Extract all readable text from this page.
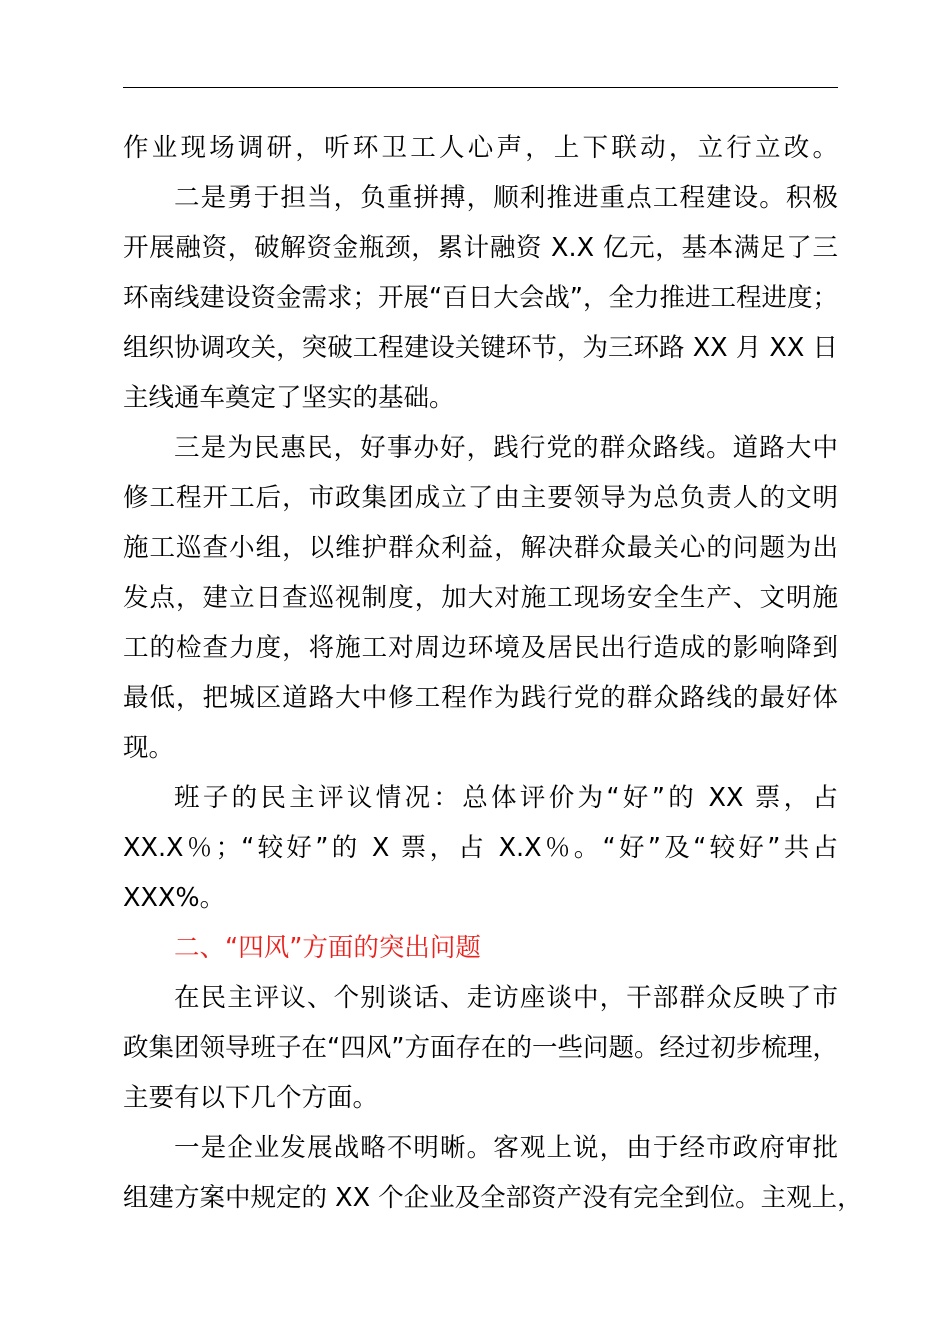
作业现场调研，听环卫工人心声，上下联动，立行立改。
二是勇于担当，负重拼搏，顺利推进重点工程建设。积极
开展融资，破解资金瓶颈，累计融资 X.X 亿元，基本满足了三
环南线建设资金需求；开展“百日大会战”，全力推进工程进度；
组织协调攻关，突破工程建设关键环节，为三环路 XX 月 XX 日
主线通车奠定了坚实的基础。
三是为民惠民，好事办好，践行党的群众路线。道路大中
修工程开工后，市政集团成立了由主要领导为总负责人的文明
施工巡查小组，以维护群众利益，解决群众最关心的问题为出
发点，建立日查巡视制度，加大对施工现场安全生产、文明施
工的检查力度，将施工对周边环境及居民出行造成的影响降到
最低，把城区道路大中修工程作为践行党的群众路线的最好体
现。
班子的民主评议情况：总体评价为“好”的 XX 票，占
XX.X％；“较好”的 X 票，占 X.X％。“好”及“较好”共占
XXX%。
二、“四风”方面的突出问题
在民主评议、个别谈话、走访座谈中，干部群众反映了市
政集团领导班子在“四风”方面存在的一些问题。经过初步梳理，
主要有以下几个方面。
一是企业发展战略不明晰。客观上说，由于经市政府审批
组建方案中规定的 XX 个企业及全部资产没有完全到位。主观上，
